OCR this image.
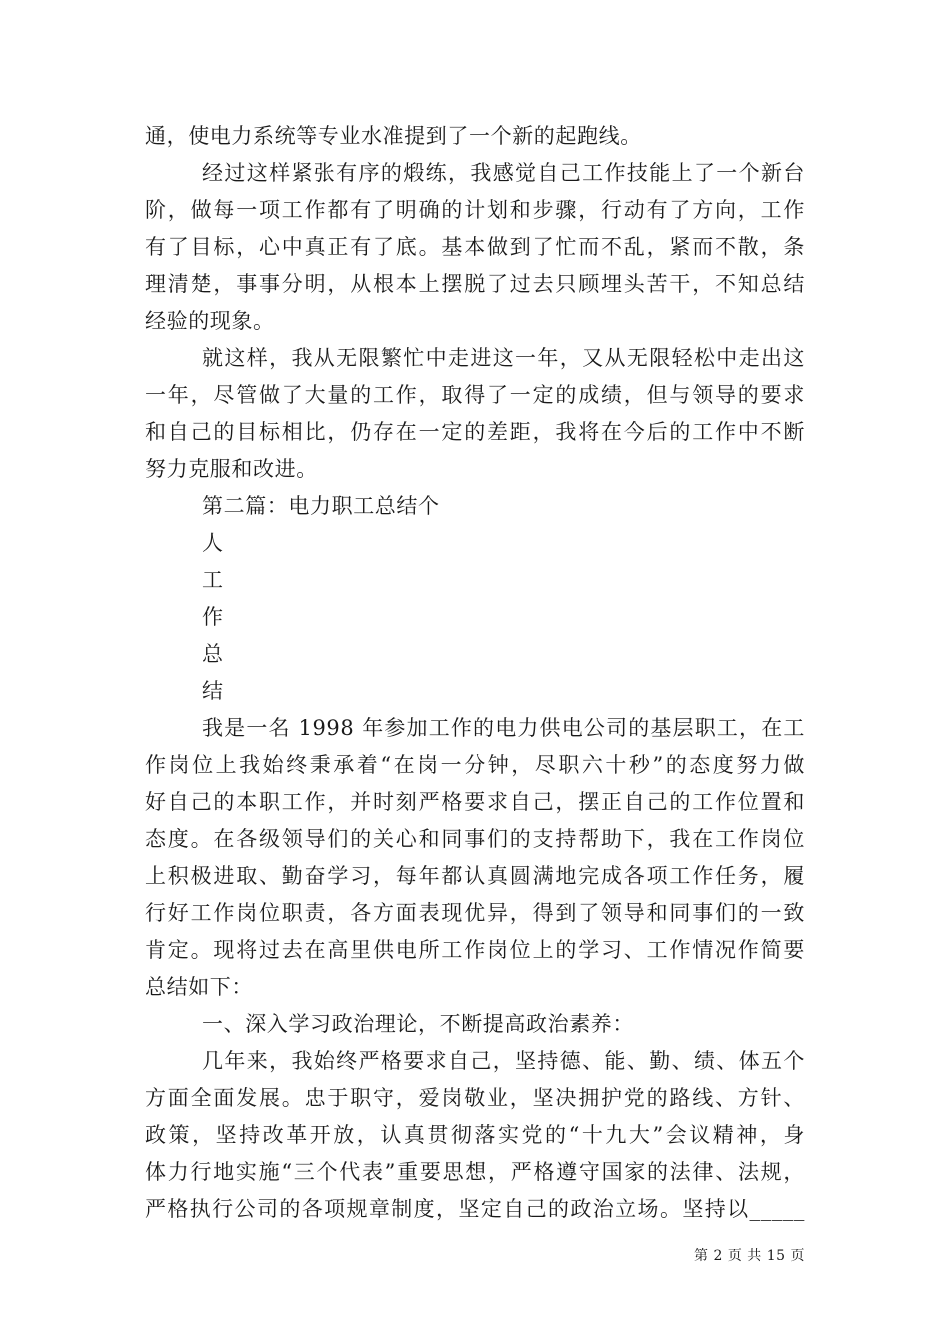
通，使电力系统等专业水准提到了一个新的起跑线。
经过这样紧张有序的煅练，我感觉自己工作技能上了一个新台
阶，做每一项工作都有了明确的计划和步骤，行动有了方向，工作
有了目标，心中真正有了底。基本做到了忙而不乱，紧而不散，条
理清楚，事事分明，从根本上摆脱了过去只顾埋头苦干，不知总结
经验的现象。
就这样，我从无限繁忙中走进这一年，又从无限轻松中走出这
一年，尽管做了大量的工作，取得了一定的成绩，但与领导的要求
和自己的目标相比，仍存在一定的差距，我将在今后的工作中不断
努力克服和改进。
第二篇：电力职工总结个
人
工
作
总
结
我是一名 1998 年参加工作的电力供电公司的基层职工，在工
作岗位上我始终秉承着“在岗一分钟，尽职六十秒”的态度努力做
好自己的本职工作，并时刻严格要求自己，摆正自己的工作位置和
态度。在各级领导们的关心和同事们的支持帮助下，我在工作岗位
上积极进取、勤奋学习，每年都认真圆满地完成各项工作任务，履
行好工作岗位职责，各方面表现优异，得到了领导和同事们的一致
肯定。现将过去在高里供电所工作岗位上的学习、工作情况作简要
总结如下：
一、深入学习政治理论，不断提高政治素养：
几年来，我始终严格要求自己，坚持德、能、勤、绩、体五个
方面全面发展。忠于职守，爱岗敬业，坚决拥护党的路线、方针、
政策，坚持改革开放，认真贯彻落实党的“十九大”会议精神，身
体力行地实施“三个代表”重要思想，严格遵守国家的法律、法规，
严格执行公司的各项规章制度，坚定自己的政治立场。坚持以_____
第 2 页 共 15 页
